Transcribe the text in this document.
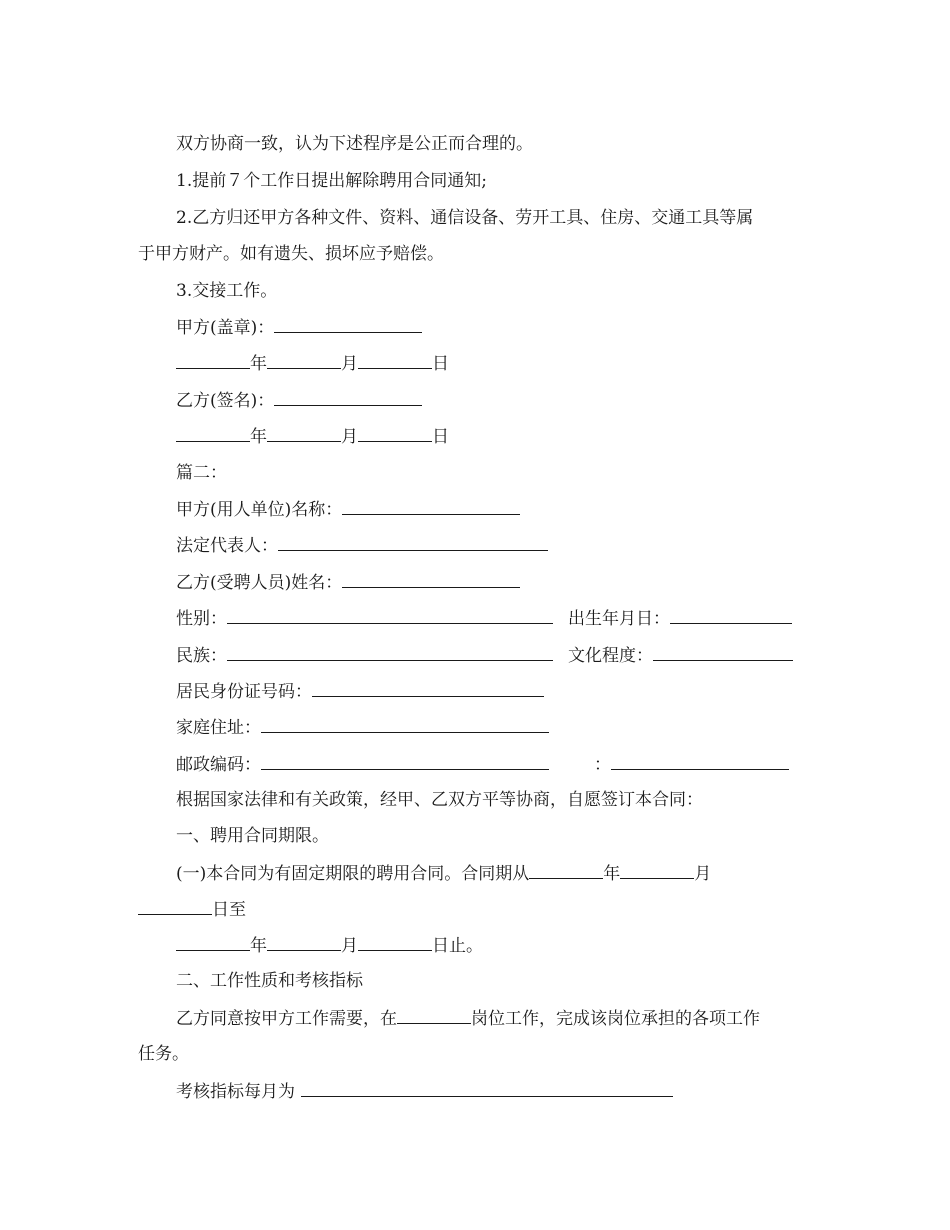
双方协商一致，认为下述程序是公正而合理的。
1.提前７个工作日提出解除聘用合同通知;
2.乙方归还甲方各种文件、资料、通信设备、劳开工具、住房、交通工具等属
于甲方财产。如有遗失、损坏应予赔偿。
3.交接工作。
甲方(盖章)：
年	月	日
乙方(签名)：
年	月	日
篇二：
甲方(用人单位)名称：
法定代表人：
乙方(受聘人员)姓名：
性别：	出生年月日：
民族：	文化程度：
居民身份证号码：
家庭住址：
邮政编码：	：
根据国家法律和有关政策，经甲、乙双方平等协商，自愿签订本合同：
一、聘用合同期限。
(一)本合同为有固定期限的聘用合同。合同期从	年	月
日至
年	月	日止。
二、工作性质和考核指标
乙方同意按甲方工作需要，在	岗位工作，完成该岗位承担的各项工作
任务。
考核指标每月为
